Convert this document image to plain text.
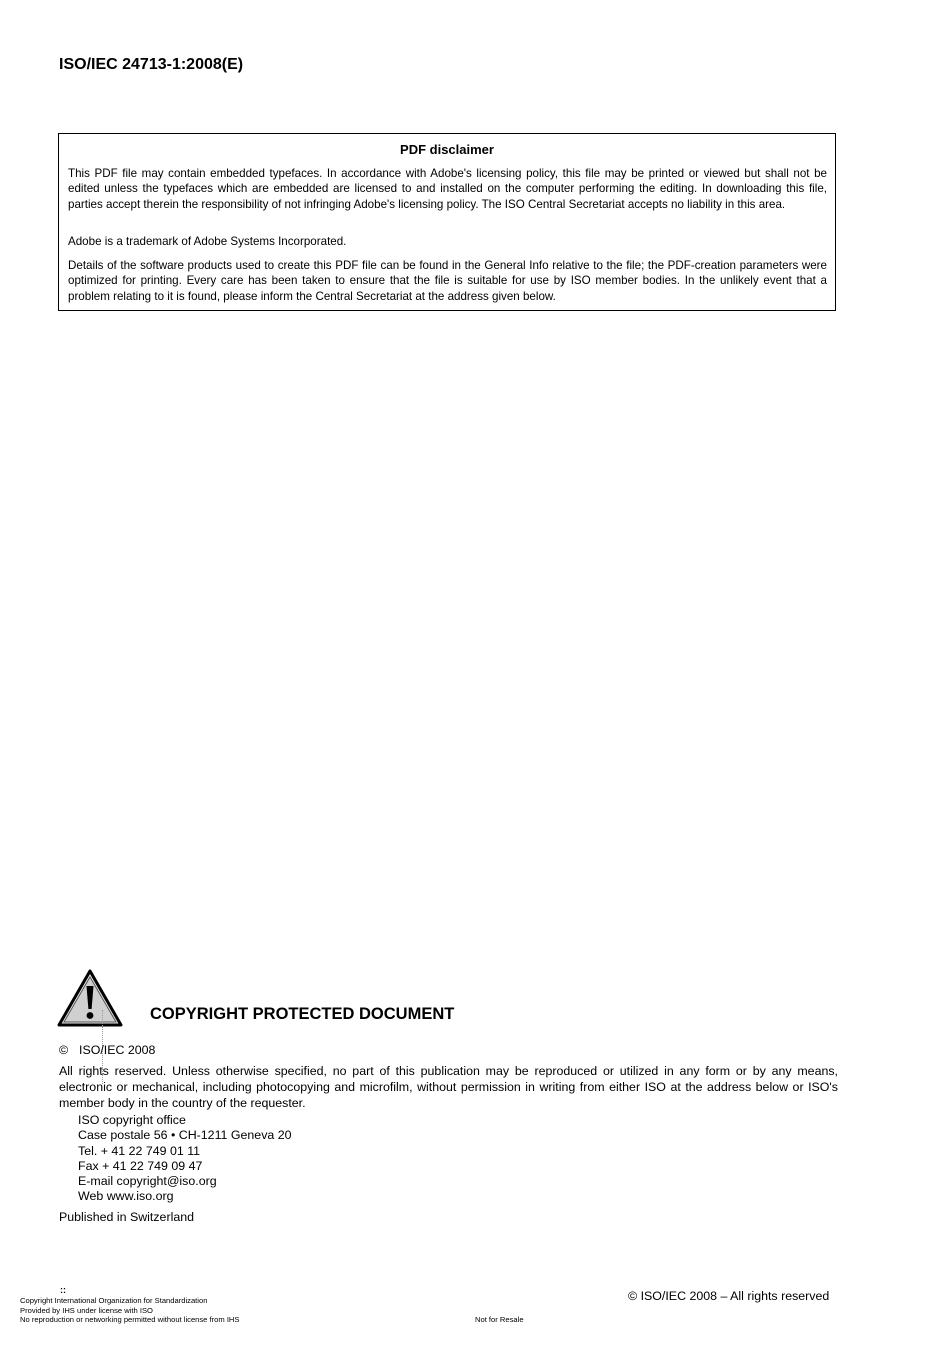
ISO/IEC 24713-1:2008(E)
PDF disclaimer
This PDF file may contain embedded typefaces. In accordance with Adobe's licensing policy, this file may be printed or viewed but shall not be edited unless the typefaces which are embedded are licensed to and installed on the computer performing the editing. In downloading this file, parties accept therein the responsibility of not infringing Adobe's licensing policy. The ISO Central Secretariat accepts no liability in this area.
Adobe is a trademark of Adobe Systems Incorporated.
Details of the software products used to create this PDF file can be found in the General Info relative to the file; the PDF-creation parameters were optimized for printing. Every care has been taken to ensure that the file is suitable for use by ISO member bodies. In the unlikely event that a problem relating to it is found, please inform the Central Secretariat at the address given below.
COPYRIGHT PROTECTED DOCUMENT
© ISO/IEC 2008
All rights reserved. Unless otherwise specified, no part of this publication may be reproduced or utilized in any form or by any means, electronic or mechanical, including photocopying and microfilm, without permission in writing from either ISO at the address below or ISO's member body in the country of the requester.
ISO copyright office
Case postale 56 • CH-1211 Geneva 20
Tel. + 41 22 749 01 11
Fax + 41 22 749 09 47
E-mail copyright@iso.org
Web www.iso.org
Published in Switzerland
::
Copyright International Organization for Standardization
Provided by IHS under license with ISO
No reproduction or networking permitted without license from IHS	Not for Resale
© ISO/IEC 2008 – All rights reserved
